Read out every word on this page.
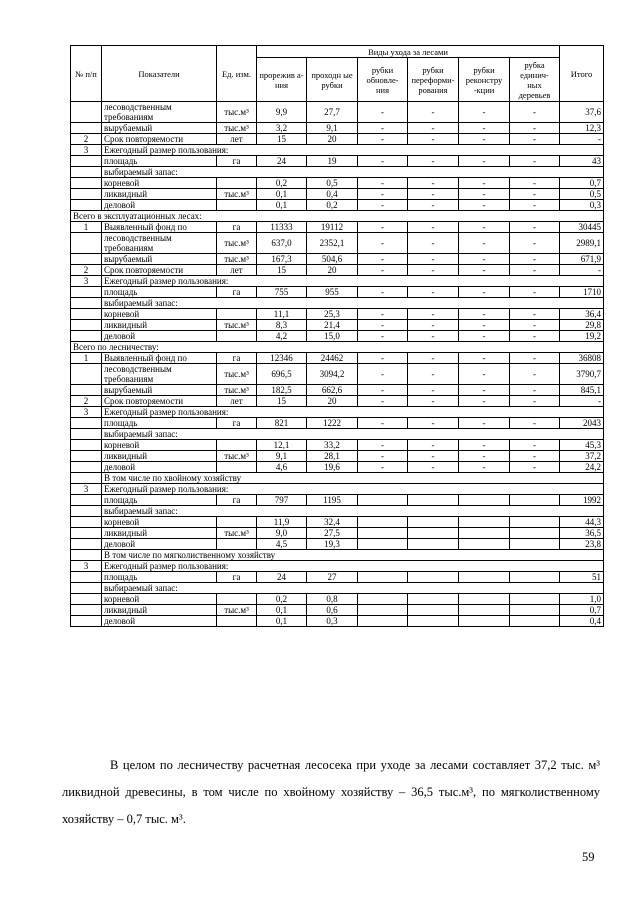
№ п/п	Показатели	Ед. изм.	Виды ухода за лесами						Итого
			прорежив а-ния	проходн ые рубки	рубки обновле- ния	рубки переформи- рования	рубки реконстру -кции	рубка единич- ных деревьев	
	лесоводственным требованиям	тыс.м³	9,9	27,7	-	-	-	-	37,6
	вырубаемый	тыс.м³	3,2	9,1	-	-	-	-	12,3
2	Срок повторяемости	лет	15	20	-	-	-	-	-
3	Ежегодный размер пользования:								
	площадь	га	24	19	-	-	-	-	43
	выбираемый запас:								
	корневой		0,2	0,5	-	-	-	-	0,7
	ликвидный	тыс.м³	0,1	0,4	-	-	-	-	0,5
	деловой		0,1	0,2	-	-	-	-	0,3
Всего в эксплуатационных лесах:									
1	Выявленный фонд по	га	11333	19112	-	-	-	-	30445
	лесоводственным требованиям	тыс.м³	637,0	2352,1	-	-	-	-	2989,1
	вырубаемый	тыс.м³	167,3	504,6	-	-	-	-	671,9
2	Срок повторяемости	лет	15	20	-	-	-	-	-
3	Ежегодный размер пользования:								
	площадь	га	755	955	-	-	-	-	1710
	выбираемый запас:								
	корневой		11,1	25,3	-	-	-	-	36,4
	ликвидный	тыс.м³	8,3	21,4	-	-	-	-	29,8
	деловой		4,2	15,0	-	-	-	-	19,2
Всего по лесничеству:									
1	Выявленный фонд по	га	12346	24462	-	-	-	-	36808
	лесоводственным требованиям	тыс.м³	696,5	3094,2	-	-	-	-	3790,7
	вырубаемый	тыс.м³	182,5	662,6	-	-	-	-	845,1
2	Срок повторяемости	лет	15	20	-	-	-	-	-
3	Ежегодный размер пользования:								
	площадь	га	821	1222	-	-	-	-	2043
	выбираемый запас:								
	корневой		12,1	33,2	-	-	-	-	45,3
	ликвидный	тыс.м³	9,1	28,1	-	-	-	-	37,2
	деловой		4,6	19,6	-	-	-	-	24,2
	В том числе по хвойному хозяйству								
3	Ежегодный размер пользования:								
	площадь	га	797	1195					1992
	выбираемый запас:								
	корневой		11,9	32,4					44,3
	ликвидный	тыс.м³	9,0	27,5					36,5
	деловой		4,5	19,3					23,8
	В том числе по мягколиственному хозяйству								
3	Ежегодный размер пользования:								
	площадь	га	24	27					51
	выбираемый запас:								
	корневой		0,2	0,8					1,0
	ликвидный	тыс.м³	0,1	0,6					0,7
	деловой		0,1	0,3					0,4

В целом по лесничеству расчетная лесосека при уходе за лесами составляет 37,2 тыс. м³ ликвидной древесины, в том числе по хвойному хозяйству – 36,5 тыс.м³, по мягколиственному хозяйству – 0,7 тыс. м³.

59
